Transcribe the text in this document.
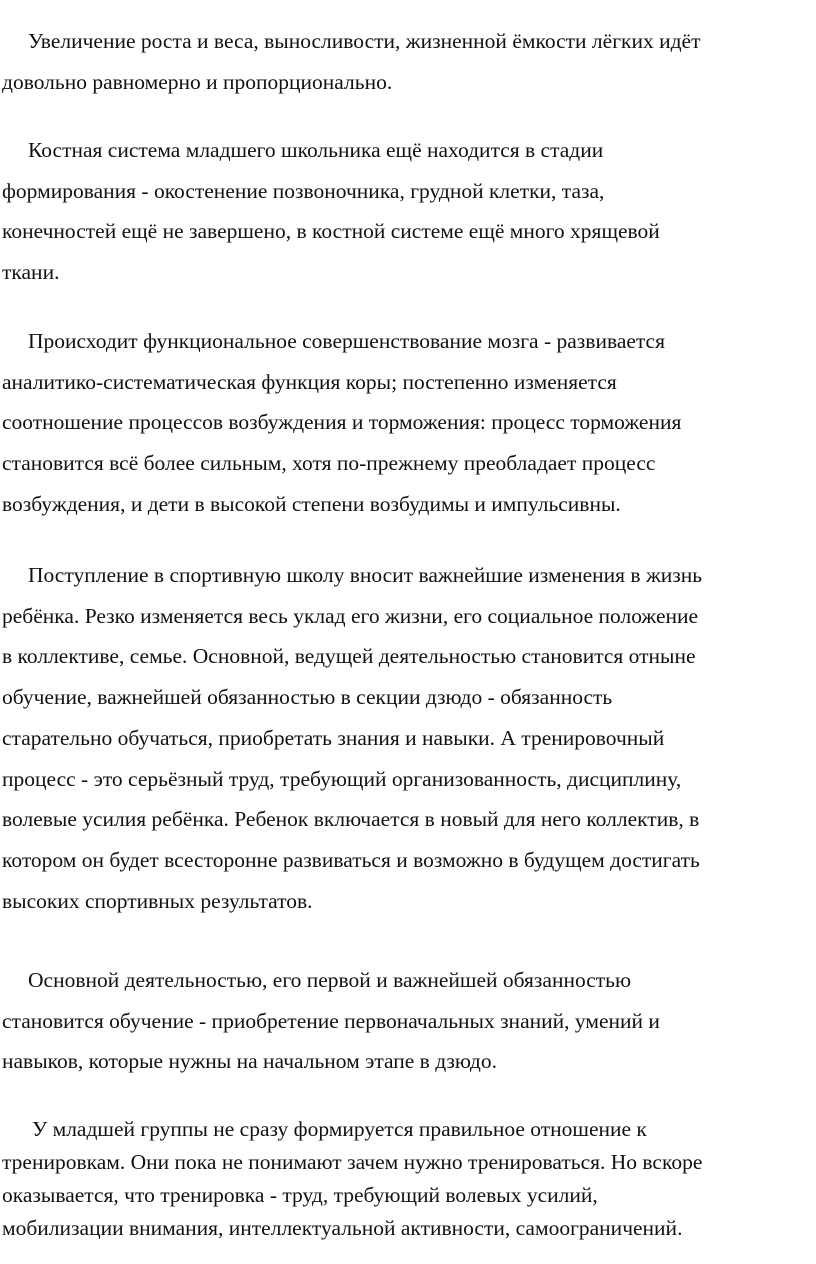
Увеличение роста и веса, выносливости, жизненной ёмкости лёгких идёт
довольно равномерно и пропорционально.

Костная система младшего школьника ещё находится в стадии
формирования - окостенение позвоночника, грудной клетки, таза,
конечностей ещё не завершено, в костной системе ещё много хрящевой
ткани.

Происходит функциональное совершенствование мозга - развивается
аналитико-систематическая функция коры; постепенно изменяется
соотношение процессов возбуждения и торможения: процесс торможения
становится всё более сильным, хотя по-прежнему преобладает процесс
возбуждения, и дети в высокой степени возбудимы и импульсивны.

Поступление в спортивную школу вносит важнейшие изменения в жизнь
ребёнка. Резко изменяется весь уклад его жизни, его социальное положение
в коллективе, семье. Основной, ведущей деятельностью становится отныне
обучение, важнейшей обязанностью в секции дзюдо - обязанность
старательно обучаться, приобретать знания и навыки. А тренировочный
процесс - это серьёзный труд, требующий организованность, дисциплину,
волевые усилия ребёнка. Ребенок включается в новый для него коллектив, в
котором он будет всесторонне развиваться и возможно в будущем достигать
высоких спортивных результатов.

Основной деятельностью, его первой и важнейшей обязанностью
становится обучение - приобретение первоначальных знаний, умений и
навыков, которые нужны на начальном этапе в дзюдо.

У младшей группы не сразу формируется правильное отношение к
тренировкам. Они пока не понимают зачем нужно тренироваться. Но вскоре
оказывается, что тренировка - труд, требующий волевых усилий,
мобилизации внимания, интеллектуальной активности, самоограничений.
